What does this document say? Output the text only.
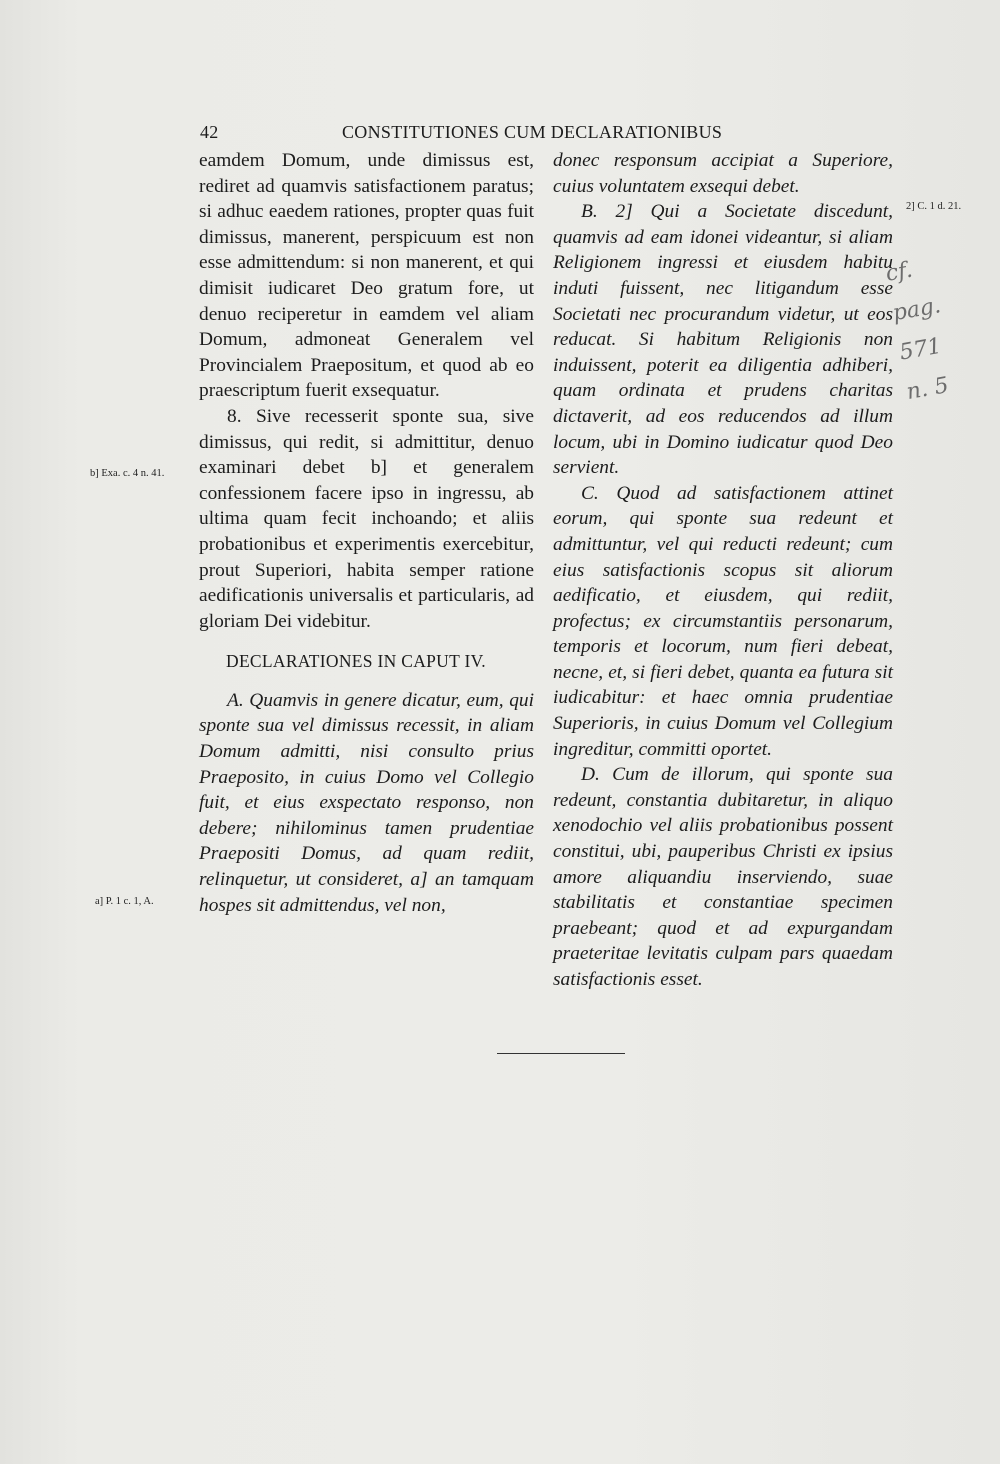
42	CONSTITUTIONES CUM DECLARATIONIBUS

eamdem Domum, unde dimissus est, rediret ad quamvis satisfactionem paratus; si adhuc eaedem rationes, propter quas fuit dimissus, manerent, perspicuum est non esse admittendum: si non manerent, et qui dimisit iudicaret Deo gratum fore, ut denuo reciperetur in eamdem vel aliam Domum, admoneat Generalem vel Provincialem Praepositum, et quod ab eo praescriptum fuerit exsequatur.

8. Sive recesserit sponte sua, sive dimissus, qui redit, si admittitur, denuo examinari debet b] et generalem confessionem facere ipso in ingressu, ab ultima quam fecit inchoando; et aliis probationibus et experimentis exercebitur, prout Superiori, habita semper ratione aedificationis universalis et particularis, ad gloriam Dei videbitur.

DECLARATIONES IN CAPUT IV.

A. Quamvis in genere dicatur, eum, qui sponte sua vel dimissus recessit, in aliam Domum admitti, nisi consulto prius Praeposito, in cuius Domo vel Collegio fuit, et eius exspectato responso, non debere; nihilominus tamen prudentiae Praepositi Domus, ad quam rediit, relinquetur, ut consideret, a] an tamquam hospes sit admittendus, vel non,

donec responsum accipiat a Superiore, cuius voluntatem exsequi debet.

B. 2] Qui a Societate discedunt, quamvis ad eam idonei videantur, si aliam Religionem ingressi et eiusdem habitu induti fuissent, nec litigandum esse Societati nec procurandum videtur, ut eos reducat. Si habitum Religionis non induissent, poterit ea diligentia adhiberi, quam ordinata et prudens charitas dictaverit, ad eos reducendos ad illum locum, ubi in Domino iudicatur quod Deo servient.

C. Quod ad satisfactionem attinet eorum, qui sponte sua redeunt et admittuntur, vel qui reducti redeunt; cum eius satisfactionis scopus sit aliorum aedificatio, et eiusdem, qui rediit, profectus; ex circumstantiis personarum, temporis et locorum, num fieri debeat, necne, et, si fieri debet, quanta ea futura sit iudicabitur: et haec omnia prudentiae Superioris, in cuius Domum vel Collegium ingreditur, committi oportet.

D. Cum de illorum, qui sponte sua redeunt, constantia dubitaretur, in aliquo xenodochio vel aliis probationibus possent constitui, ubi, pauperibus Christi ex ipsius amore aliquandiu inserviendo, suae stabilitatis et constantiae specimen praebeant; quod et ad expurgandam praeteritae levitatis culpam pars quaedam satisfactionis esset.

b] Exa. c. 4 n. 41.
a] P. 1 c. 1, A.
2] C. 1 d. 21.
cf. pag. 571 n. 5
